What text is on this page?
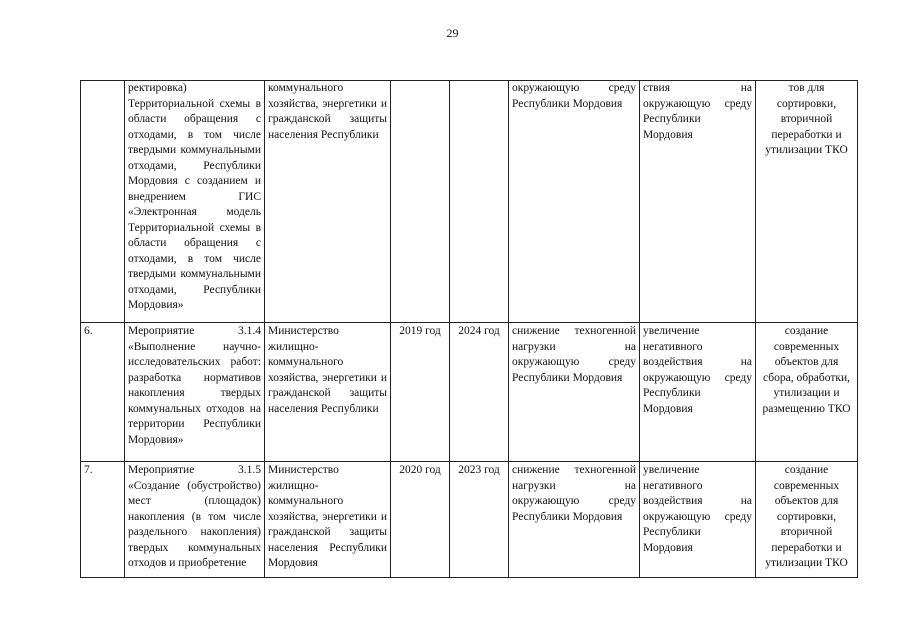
29
	ректировка) Территориальной схемы в области обращения с отходами, в том числе твердыми коммунальными отходами, Республики Мордовия с созданием и внедрением ГИС «Электронная модель Территориальной схемы в области обращения с отходами, в том числе твердыми коммунальными отходами, Республики Мордовия»	коммунального хозяйства, энергетики и гражданской защиты населения Республики			окружающую среду Республики Мордовия	ствия на окружающую среду Республики Мордовия	тов для сортировки, вторичной переработки и утилизации ТКО
6.	Мероприятие 3.1.4 «Выполнение научно-исследовательских работ: разработка нормативов накопления твердых коммунальных отходов на территории Республики Мордовия»	Министерство жилищно-коммунального хозяйства, энергетики и гражданской защиты населения Республики	2019 год	2024 год	снижение техногенной нагрузки на окружающую среду Республики Мордовия	увеличение негативного воздействия на окружающую среду Республики Мордовия	создание современных объектов для сбора, обработки, утилизации и размещению ТКО
7.	Мероприятие 3.1.5 «Создание (обустройство) мест (площадок) накопления (в том числе раздельного накопления) твердых коммунальных отходов и приобретение	Министерство жилищно-коммунального хозяйства, энергетики и гражданской защиты населения Республики Мордовия	2020 год	2023 год	снижение техногенной нагрузки на окружающую среду Республики Мордовия	увеличение негативного воздействия на окружающую среду Республики Мордовия	создание современных объектов для сортировки, вторичной переработки и утилизации ТКО
